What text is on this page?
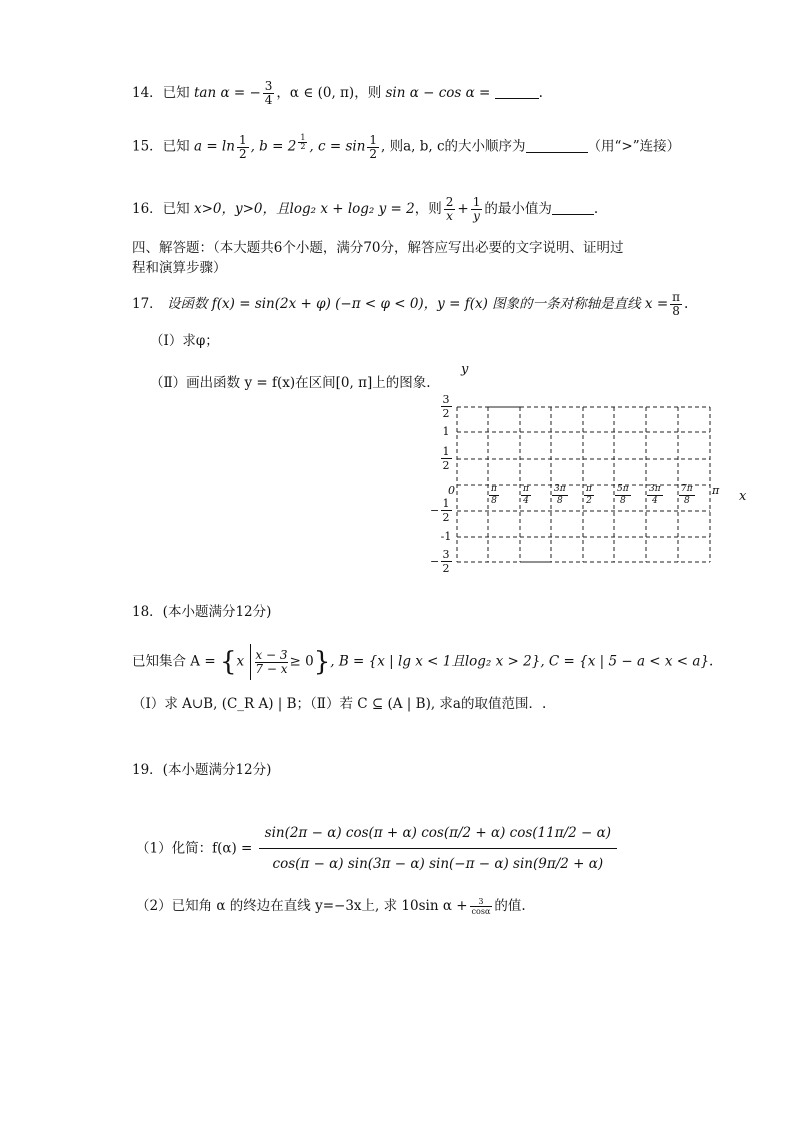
14．已知 tan α = − $\frac{3}{4}$ ，α ∈ (0, π)，则 sin α − cos α =	.
15．已知 $a = \ln \frac{1}{2}$ , b = 2 $^{\frac{1}{2}}$ , $c = \sin \frac{1}{2}$ , 则a, b, c的大小顺序为	（用“>”连接）
16．已知 x>0，y>0，且log₂ x + log₂ y = 2，则 $\frac{2}{x} + \frac{1}{y}$ 的最小值为	.
四、解答题：（本大题共6个小题，满分70分，解答应写出必要的文字说明、证明过
程和演算步骤）
17． 设函数 f(x) = sin(2x + φ) (−π < φ < 0)，y = f(x) 图象的一条对称轴是直线 $x = \frac{\pi}{8}$ .
（Ⅰ）求φ；
（Ⅱ）画出函数 y = f(x)在区间[0, π]上的图象.
y
x
$\frac{3}{2}$
1
$\frac{1}{2}$
− $\frac{1}{2}$
-1
− $\frac{3}{2}$
0	$\frac{\pi}{8} \frac{\pi}{4} \frac{3\pi}{8} \frac{\pi}{2} \frac{5\pi}{8} \frac{3\pi}{4} \frac{7\pi}{8}$ π
18．(本小题满分12分)
已知集合 $A = \{x \frac{x - 3}{7 - x} \ge 0\}$, B = {x | lg x < 1且log₂ x > 2}, C = {x | 5 − a < x < a}.
（Ⅰ）求 A∪B, (C_R A) | B；（Ⅱ）若 C ⊆ (A | B), 求a的取值范围．.
19．(本小题满分12分)
（1）化简：$f(\alpha) = \frac{\sin(2\pi - \alpha) \cos(\pi + \alpha) \cos(\pi/2 + \alpha) \cos(11\pi/2 - \alpha)}{\cos(\pi - \alpha) \sin(3\pi - \alpha) \sin(-\pi - \alpha) \sin(9\pi/2 + \alpha)}$
（2）已知角 α 的终边在直线 y=−3x上, 求 10sin $\alpha + \frac{3}{\cos\alpha}$ 的值.
